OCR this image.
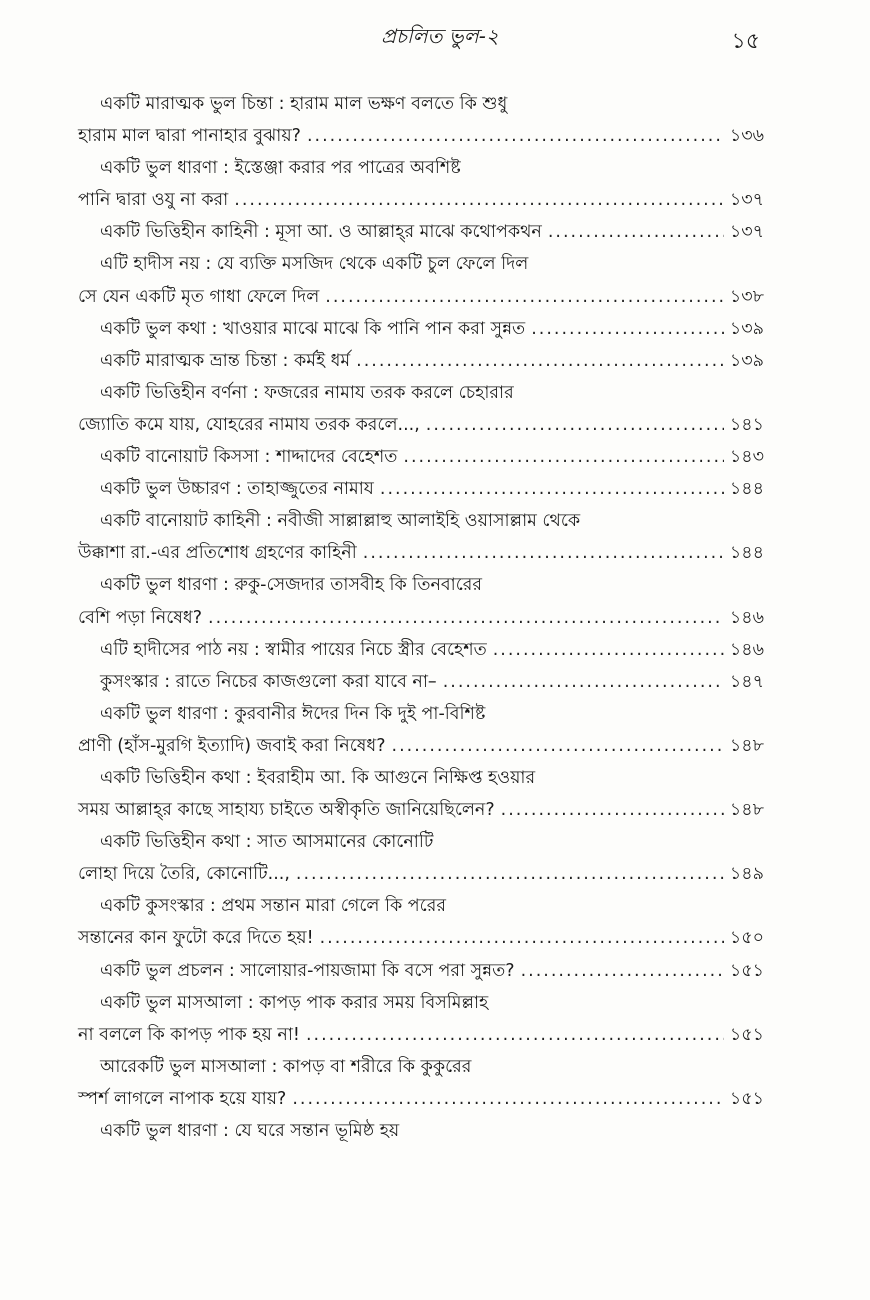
প্রচলিত ভুল-২	১৫
একটি মারাত্মক ভুল চিন্তা : হারাম মাল ভক্ষণ বলতে কি শুধু
হারাম মাল দ্বারা পানাহার বুঝায়? .....	১৩৬
একটি ভুল ধারণা : ইস্তেঞ্জা করার পর পাত্রের অবশিষ্ট
পানি দ্বারা ওযু না করা .....	১৩৭
একটি ভিত্তিহীন কাহিনী : মূসা আ. ও আল্লাহ্‌র মাঝে কথোপকথন .....	১৩৭
এটি হাদীস নয় : যে ব্যক্তি মসজিদ থেকে একটি চুল ফেলে দিল
সে যেন একটি মৃত গাধা ফেলে দিল .....	১৩৮
একটি ভুল কথা : খাওয়ার মাঝে মাঝে কি পানি পান করা সুন্নত .....	১৩৯
একটি মারাত্মক ভ্রান্ত চিন্তা : কর্মই ধর্ম .....	১৩৯
একটি ভিত্তিহীন বর্ণনা : ফজরের নামায তরক করলে চেহারার
জ্যোতি কমে যায়, যোহরের নামায তরক করলে..., .....	১৪১
একটি বানোয়াট কিসসা : শাদ্দাদের বেহেশত .....	১৪৩
একটি ভুল উচ্চারণ : তাহাজ্জুতের নামায .....	১৪৪
একটি বানোয়াট কাহিনী : নবীজী সাল্লাল্লাহু আলাইহি ওয়াসাল্লাম থেকে
উক্কাশা রা.-এর প্রতিশোধ গ্রহণের কাহিনী .....	১৪৪
একটি ভুল ধারণা : রুকু-সেজদার তাসবীহ কি তিনবারের
বেশি পড়া নিষেধ? .....	১৪৬
এটি হাদীসের পাঠ নয় : স্বামীর পায়ের নিচে স্ত্রীর বেহেশত .....	১৪৬
কুসংস্কার : রাতে নিচের কাজগুলো করা যাবে না– .....	১৪৭
একটি ভুল ধারণা : কুরবানীর ঈদের দিন কি দুই পা-বিশিষ্ট
প্রাণী (হাঁস-মুরগি ইত্যাদি) জবাই করা নিষেধ? .....	১৪৮
একটি ভিত্তিহীন কথা : ইবরাহীম আ. কি আগুনে নিক্ষিপ্ত হওয়ার
সময় আল্লাহ্‌র কাছে সাহায্য চাইতে অস্বীকৃতি জানিয়েছিলেন? .....	১৪৮
একটি ভিত্তিহীন কথা : সাত আসমানের কোনোটি
লোহা দিয়ে তৈরি, কোনোটি..., .....	১৪৯
একটি কুসংস্কার : প্রথম সন্তান মারা গেলে কি পরের
সন্তানের কান ফুটো করে দিতে হয়! .....	১৫০
একটি ভুল প্রচলন : সালোয়ার-পায়জামা কি বসে পরা সুন্নত? .....	১৫১
একটি ভুল মাসআলা : কাপড় পাক করার সময় বিসমিল্লাহ
না বললে কি কাপড় পাক হয় না! .....	১৫১
আরেকটি ভুল মাসআলা : কাপড় বা শরীরে কি কুকুরের
স্পর্শ লাগলে নাপাক হয়ে যায়? .....	১৫১
একটি ভুল ধারণা : যে ঘরে সন্তান ভূমিষ্ঠ হয়
